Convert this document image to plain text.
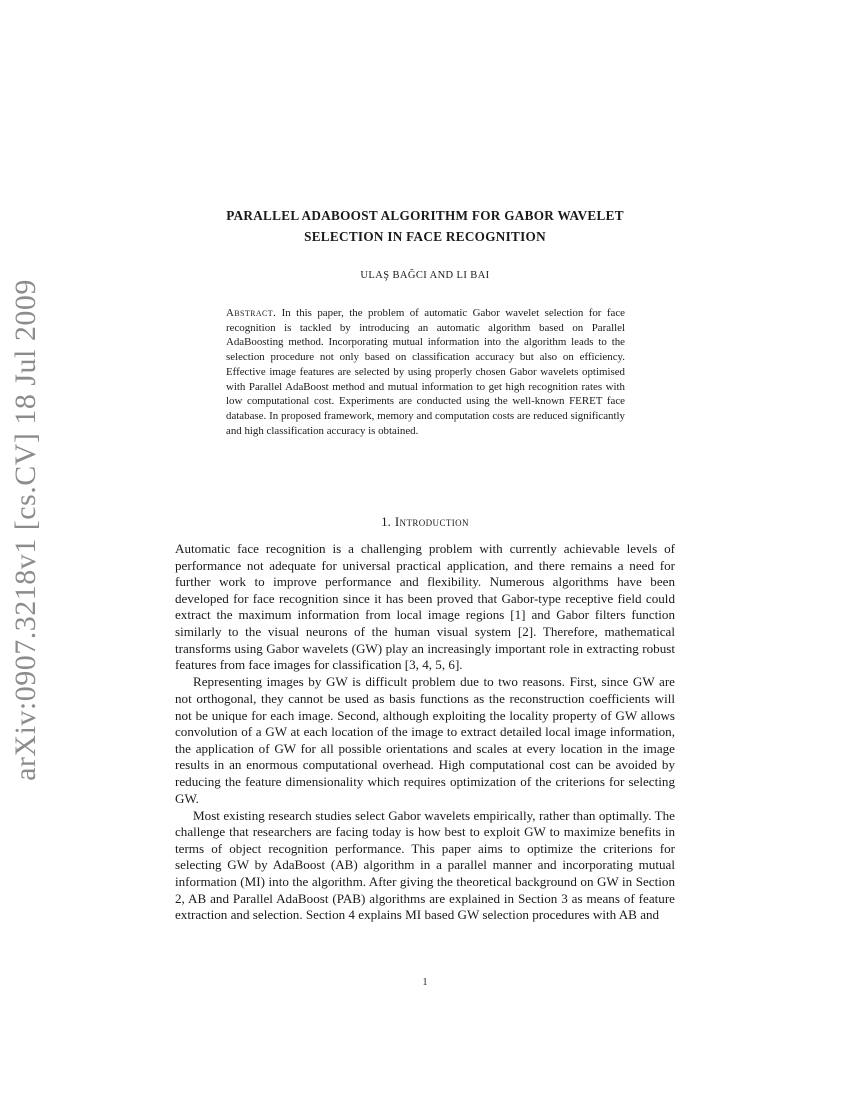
arXiv:0907.3218v1 [cs.CV] 18 Jul 2009
PARALLEL ADABOOST ALGORITHM FOR GABOR WAVELET
SELECTION IN FACE RECOGNITION

ULAŞ BAĞCI AND LI BAI

Abstract. In this paper, the problem of automatic Gabor wavelet selection for face recognition is tackled by introducing an automatic algorithm based on Parallel AdaBoosting method. Incorporating mutual information into the algorithm leads to the selection procedure not only based on classification accuracy but also on efficiency. Effective image features are selected by using properly chosen Gabor wavelets optimised with Parallel AdaBoost method and mutual information to get high recognition rates with low computational cost. Experiments are conducted using the well-known FERET face database. In proposed framework, memory and computation costs are reduced significantly and high classification accuracy is obtained.

1. Introduction

Automatic face recognition is a challenging problem with currently achievable levels of performance not adequate for universal practical application, and there remains a need for further work to improve performance and flexibility. Numerous algorithms have been developed for face recognition since it has been proved that Gabor-type receptive field could extract the maximum information from local image regions [1] and Gabor filters function similarly to the visual neurons of the human visual system [2]. Therefore, mathematical transforms using Gabor wavelets (GW) play an increasingly important role in extracting robust features from face images for classification [3, 4, 5, 6].

Representing images by GW is difficult problem due to two reasons. First, since GW are not orthogonal, they cannot be used as basis functions as the reconstruction coefficients will not be unique for each image. Second, although exploiting the locality property of GW allows convolution of a GW at each location of the image to extract detailed local image information, the application of GW for all possible orientations and scales at every location in the image results in an enormous computational overhead. High computational cost can be avoided by reducing the feature dimensionality which requires optimization of the criterions for selecting GW.

Most existing research studies select Gabor wavelets empirically, rather than optimally. The challenge that researchers are facing today is how best to exploit GW to maximize benefits in terms of object recognition performance. This paper aims to optimize the criterions for selecting GW by AdaBoost (AB) algorithm in a parallel manner and incorporating mutual information (MI) into the algorithm. After giving the theoretical background on GW in Section 2, AB and Parallel AdaBoost (PAB) algorithms are explained in Section 3 as means of feature extraction and selection. Section 4 explains MI based GW selection procedures with AB and

1
